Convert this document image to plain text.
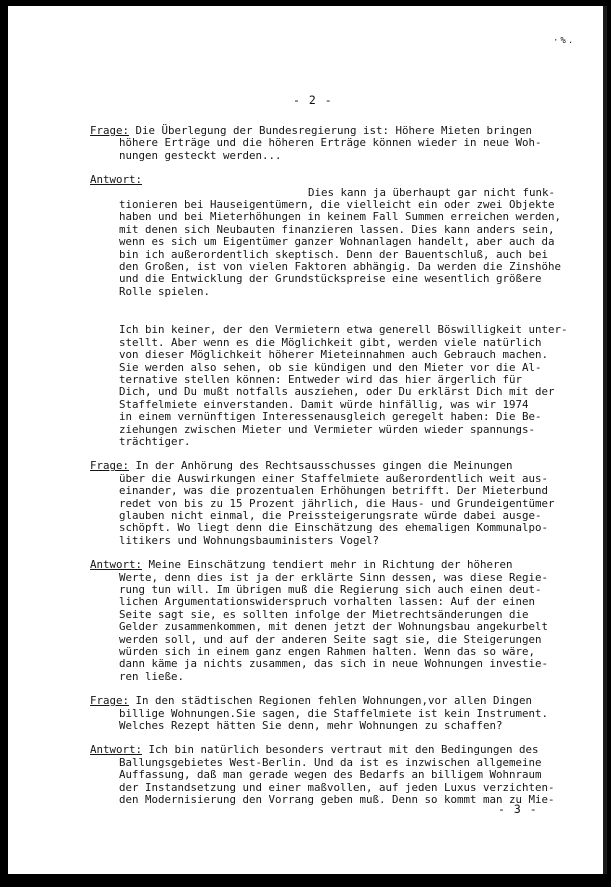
·%.
- 2 -
Frage: Die Überlegung der Bundesregierung ist: Höhere Mieten bringen
höhere Erträge und die höheren Erträge können wieder in neue Woh-
nungen gesteckt werden...
Antwort:
Dies kann ja überhaupt gar nicht funk-
tionieren bei Hauseigentümern, die vielleicht ein oder zwei Objekte
haben und bei Mieterhöhungen in keinem Fall Summen erreichen werden,
mit denen sich Neubauten finanzieren lassen. Dies kann anders sein,
wenn es sich um Eigentümer ganzer Wohnanlagen handelt, aber auch da
bin ich außerordentlich skeptisch. Denn der Bauentschluß, auch bei
den Großen, ist von vielen Faktoren abhängig. Da werden die Zinshöhe
und die Entwicklung der Grundstückspreise eine wesentlich größere
Rolle spielen.
Ich bin keiner, der den Vermietern etwa generell Böswilligkeit unter-
stellt. Aber wenn es die Möglichkeit gibt, werden viele natürlich
von dieser Möglichkeit höherer Mieteinnahmen auch Gebrauch machen.
Sie werden also sehen, ob sie kündigen und den Mieter vor die Al-
ternative stellen können: Entweder wird das hier ärgerlich für
Dich, und Du mußt notfalls ausziehen, oder Du erklärst Dich mit der
Staffelmiete einverstanden. Damit würde hinfällig, was wir 1974
in einem vernünftigen Interessenausgleich geregelt haben: Die Be-
ziehungen zwischen Mieter und Vermieter würden wieder spannungs-
trächtiger.
Frage: In der Anhörung des Rechtsausschusses gingen die Meinungen
über die Auswirkungen einer Staffelmiete außerordentlich weit aus-
einander, was die prozentualen Erhöhungen betrifft. Der Mieterbund
redet von bis zu 15 Prozent jährlich, die Haus- und Grundeigentümer
glauben nicht einmal, die Preissteigerungsrate würde dabei ausge-
schöpft. Wo liegt denn die Einschätzung des ehemaligen Kommunalpo-
litikers und Wohnungsbauministers Vogel?
Antwort: Meine Einschätzung tendiert mehr in Richtung der höheren
Werte, denn dies ist ja der erklärte Sinn dessen, was diese Regie-
rung tun will. Im übrigen muß die Regierung sich auch einen deut-
lichen Argumentationswiderspruch vorhalten lassen: Auf der einen
Seite sagt sie, es sollten infolge der Mietrechtsänderungen die
Gelder zusammenkommen, mit denen jetzt der Wohnungsbau angekurbelt
werden soll, und auf der anderen Seite sagt sie, die Steigerungen
würden sich in einem ganz engen Rahmen halten. Wenn das so wäre,
dann käme ja nichts zusammen, das sich in neue Wohnungen investie-
ren ließe.
Frage: In den städtischen Regionen fehlen Wohnungen,vor allen Dingen
billige Wohnungen.Sie sagen, die Staffelmiete ist kein Instrument.
Welches Rezept hätten Sie denn, mehr Wohnungen zu schaffen?
Antwort: Ich bin natürlich besonders vertraut mit den Bedingungen des
Ballungsgebietes West-Berlin. Und da ist es inzwischen allgemeine
Auffassung, daß man gerade wegen des Bedarfs an billigem Wohnraum
der Instandsetzung und einer maßvollen, auf jeden Luxus verzichten-
den Modernisierung den Vorrang geben muß. Denn so kommt man zu Mie-
- 3 -
